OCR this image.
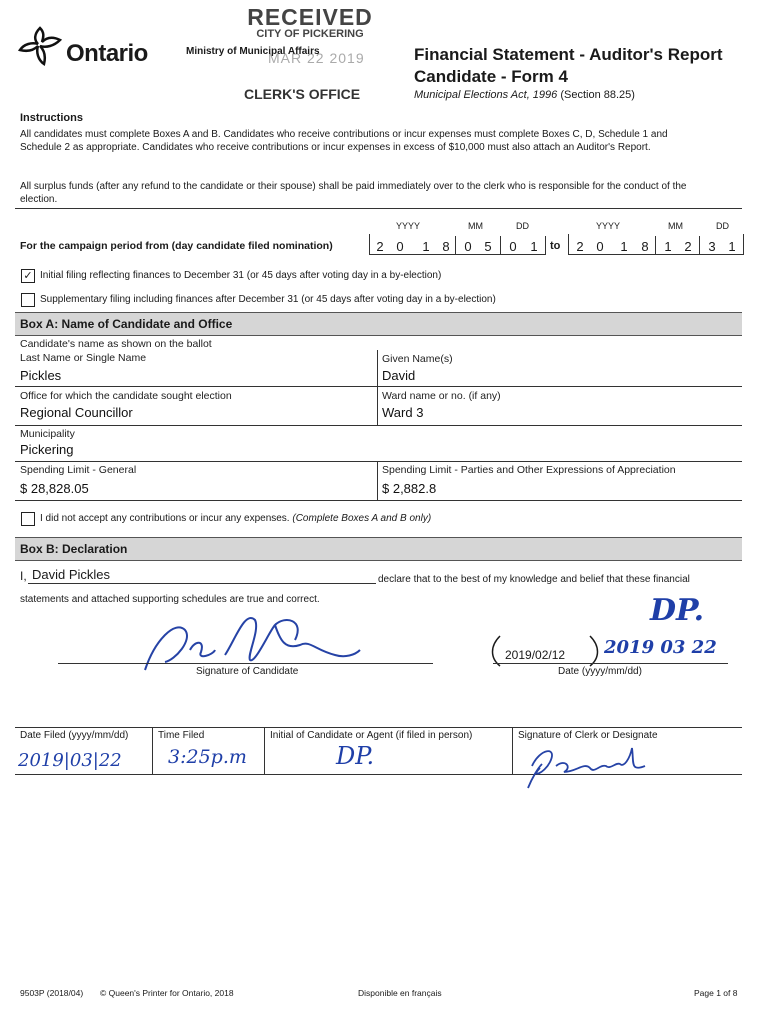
RECEIVED
CITY OF PICKERING
MAR 22 2019
CLERK'S OFFICE
Ontario	Ministry of Municipal Affairs	Financial Statement - Auditor's Report
Candidate - Form 4
Municipal Elections Act, 1996 (Section 88.25)
Instructions
All candidates must complete Boxes A and B. Candidates who receive contributions or incur expenses must complete Boxes C, D, Schedule 1 and Schedule 2 as appropriate. Candidates who receive contributions or incur expenses in excess of $10,000 must also attach an Auditor's Report.
All surplus funds (after any refund to the candidate or their spouse) shall be paid immediately over to the clerk who is responsible for the conduct of the election.
For the campaign period from (day candidate filed nomination)
YYYY	MM	DD	YYYY	MM	DD
2 0	1 8	0 5	0	1	to	2 0	1	8	1 2	3 1
✓ Initial filing reflecting finances to December 31 (or 45 days after voting day in a by-election)
Supplementary filing including finances after December 31 (or 45 days after voting day in a by-election)
Box A: Name of Candidate and Office
Candidate's name as shown on the ballot
Last Name or Single Name
Pickles
Given Name(s)
David
Office for which the candidate sought election
Regional Councillor
Ward name or no. (if any)
Ward 3
Municipality
Pickering
Spending Limit - General
$ 28,828.05
Spending Limit - Parties and Other Expressions of Appreciation
$ 2,882.8
I did not accept any contributions or incur any expenses. (Complete Boxes A and B only)
Box B: Declaration
I, David Pickles	declare that to the best of my knowledge and belief that these financial
statements and attached supporting schedules are true and correct.
Signature of Candidate
2019/02/12 2019 03 22
DP.
Date (yyyy/mm/dd)
Date Filed (yyyy/mm/dd)
2019|03|22
Time Filed
3:25p.m
Initial of Candidate or Agent (if filed in person)
DP.
Signature of Clerk or Designate
9503P (2018/04) © Queen's Printer for Ontario, 2018	Disponible en français	Page 1 of 8
